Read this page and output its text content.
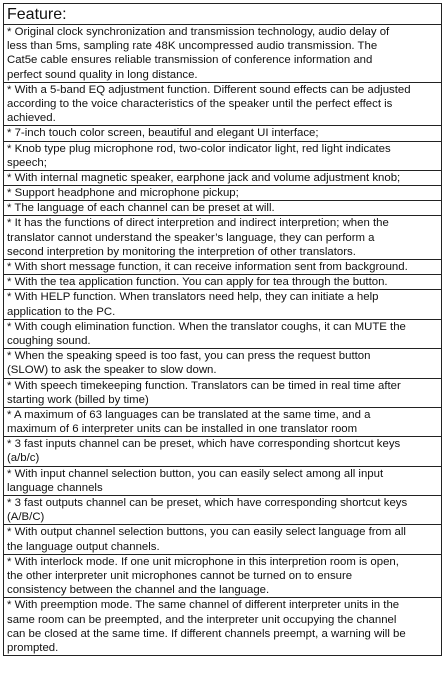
Feature:
* Original clock synchronization and transmission technology, audio delay of
less than 5ms, sampling rate 48K uncompressed audio transmission. The
Cat5e cable ensures reliable transmission of conference information and
perfect sound quality in long distance.
* With a 5-band EQ adjustment function. Different sound effects can be adjusted
according to the voice characteristics of the speaker until the perfect effect is
achieved.
* 7-inch touch color screen, beautiful and elegant UI interface;
* Knob type plug microphone rod, two-color indicator light, red light indicates
speech;
* With internal magnetic speaker, earphone jack and volume adjustment knob;
* Support headphone and microphone pickup;
* The language of each channel can be preset at will.
* It has the functions of direct interpretion and indirect interpretion; when the
translator cannot understand the speaker’s language, they can perform a
second interpretion by monitoring the interpretion of other translators.
* With short message function, it can receive information sent from background.
* With the tea application function. You can apply for tea through the button.
* With HELP function. When translators need help, they can initiate a help
application to the PC.
* With cough elimination function. When the translator coughs, it can MUTE the
coughing sound.
* When the speaking speed is too fast, you can press the request button
(SLOW) to ask the speaker to slow down.
* With speech timekeeping function. Translators can be timed in real time after
starting work (billed by time)
* A maximum of 63 languages can be translated at the same time, and a
maximum of 6 interpreter units can be installed in one translator room
* 3 fast inputs channel can be preset, which have corresponding shortcut keys
(a/b/c)
* With input channel selection button, you can easily select among all input
language channels
* 3 fast outputs channel can be preset, which have corresponding shortcut keys
(A/B/C)
* With output channel selection buttons, you can easily select language from all
the language output channels.
* With interlock mode. If one unit microphone in this interpretion room is open,
the other interpreter unit microphones cannot be turned on to ensure
consistency between the channel and the language.
* With preemption mode. The same channel of different interpreter units in the
same room can be preempted, and the interpreter unit occupying the channel
can be closed at the same time. If different channels preempt, a warning will be
prompted.
